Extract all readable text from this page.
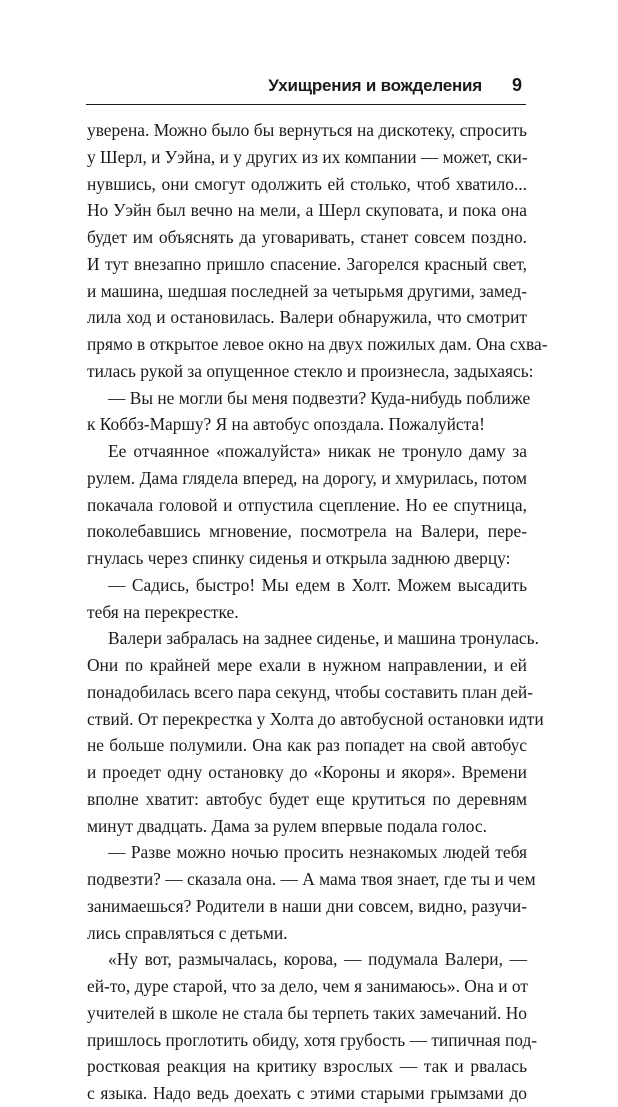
Ухищрения и вожделения 9
уверена. Можно было бы вернуться на дискотеку, спросить
у Шерл, и Уэйна, и у других из их компании — может, ски-
нувшись, они смогут одолжить ей столько, чтоб хватило...
Но Уэйн был вечно на мели, а Шерл скуповата, и пока она
будет им объяснять да уговаривать, станет совсем поздно.
И тут внезапно пришло спасение. Загорелся красный свет,
и машина, шедшая последней за четырьмя другими, замед-
лила ход и остановилась. Валери обнаружила, что смотрит
прямо в открытое левое окно на двух пожилых дам. Она схва-
тилась рукой за опущенное стекло и произнесла, задыхаясь:
— Вы не могли бы меня подвезти? Куда-нибудь поближе
к Коббз-Маршу? Я на автобус опоздала. Пожалуйста!
Ее отчаянное «пожалуйста» никак не тронуло даму за
рулем. Дама глядела вперед, на дорогу, и хмурилась, потом
покачала головой и отпустила сцепление. Но ее спутница,
поколебавшись мгновение, посмотрела на Валери, пере-
гнулась через спинку сиденья и открыла заднюю дверцу:
— Садись, быстро! Мы едем в Холт. Можем высадить
тебя на перекрестке.
Валери забралась на заднее сиденье, и машина тронулась.
Они по крайней мере ехали в нужном направлении, и ей
понадобилась всего пара секунд, чтобы составить план дей-
ствий. От перекрестка у Холта до автобусной остановки идти
не больше полумили. Она как раз попадет на свой автобус
и проедет одну остановку до «Короны и якоря». Времени
вполне хватит: автобус будет еще крутиться по деревням
минут двадцать. Дама за рулем впервые подала голос.
— Разве можно ночью просить незнакомых людей тебя
подвезти? — сказала она. — А мама твоя знает, где ты и чем
занимаешься? Родители в наши дни совсем, видно, разучи-
лись справляться с детьми.
«Ну вот, размычалась, корова, — подумала Валери, —
ей-то, дуре старой, что за дело, чем я занимаюсь». Она и от
учителей в школе не стала бы терпеть таких замечаний. Но
пришлось проглотить обиду, хотя грубость — типичная под-
ростковая реакция на критику взрослых — так и рвалась
с языка. Надо ведь доехать с этими старыми грымзами до
